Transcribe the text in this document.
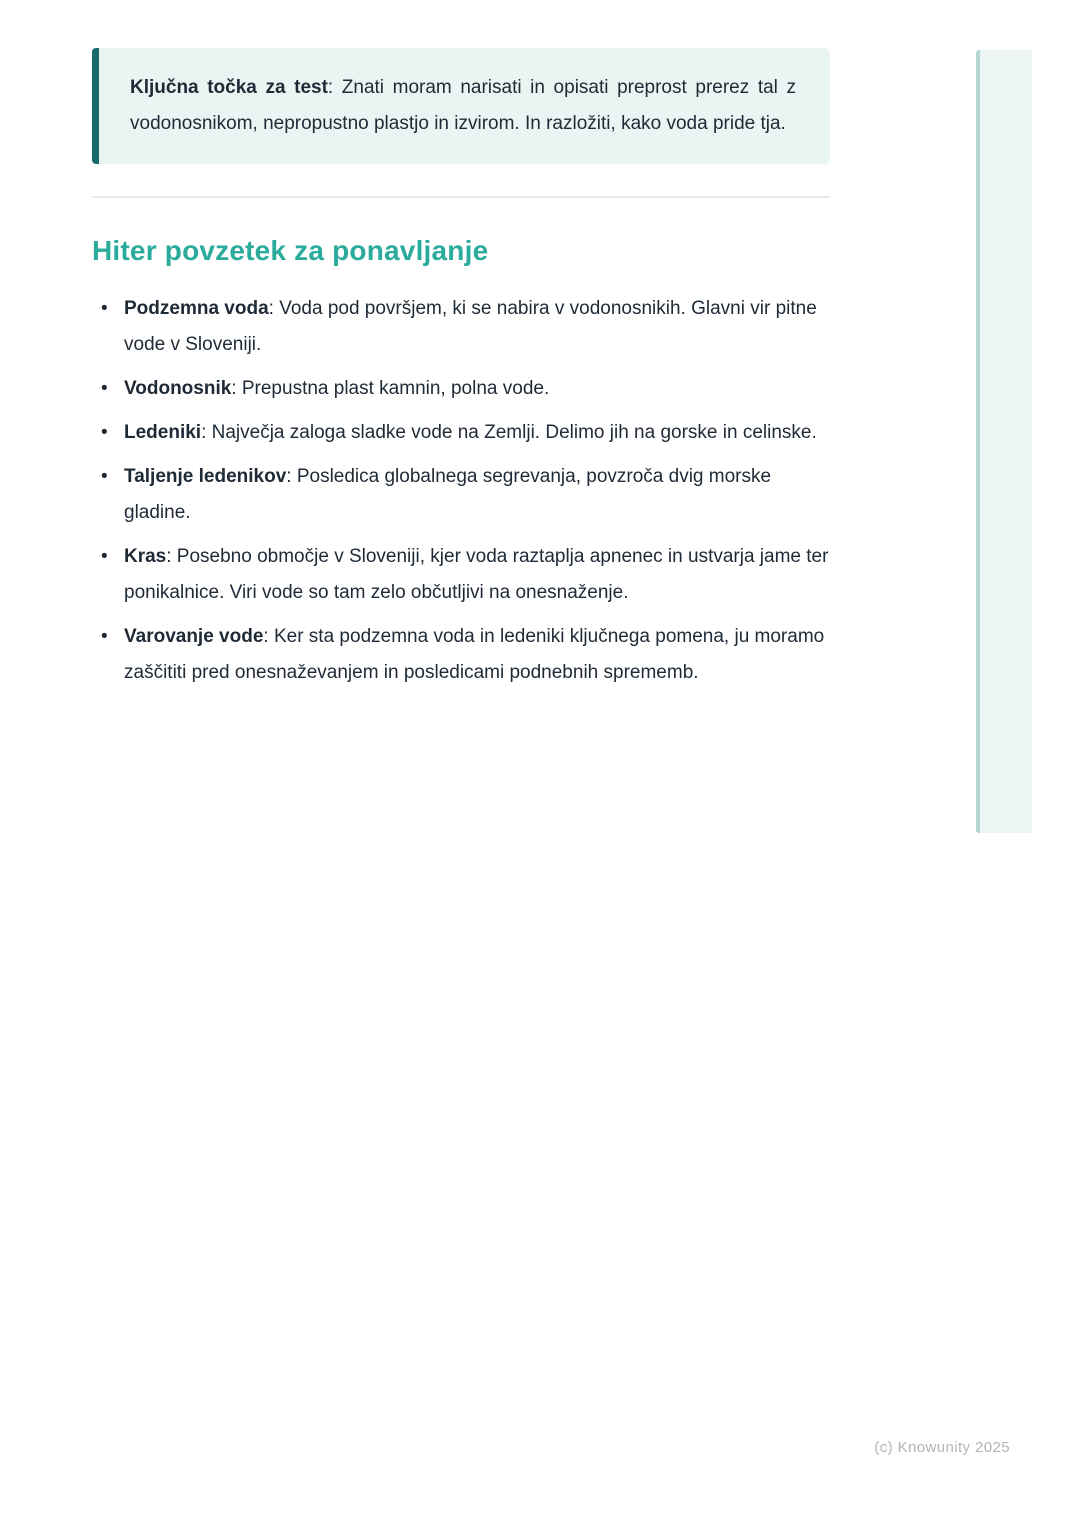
Ključna točka za test: Znati moram narisati in opisati preprost prerez tal z vodonosnikom, nepropustno plastjo in izvirom. In razložiti, kako voda pride tja.

Hiter povzetek za ponavljanje
• Podzemna voda: Voda pod površjem, ki se nabira v vodonosnikih. Glavni vir pitne vode v Sloveniji.
• Vodonosnik: Prepustna plast kamnin, polna vode.
• Ledeniki: Največja zaloga sladke vode na Zemlji. Delimo jih na gorske in celinske.
• Taljenje ledenikov: Posledica globalnega segrevanja, povzroča dvig morske gladine.
• Kras: Posebno območje v Sloveniji, kjer voda raztaplja apnenec in ustvarja jame ter ponikalnice. Viri vode so tam zelo občutljivi na onesnaženje.
• Varovanje vode: Ker sta podzemna voda in ledeniki ključnega pomena, ju moramo zaščititi pred onesnaževanjem in posledicami podnebnih sprememb.
(c) Knowunity 2025
